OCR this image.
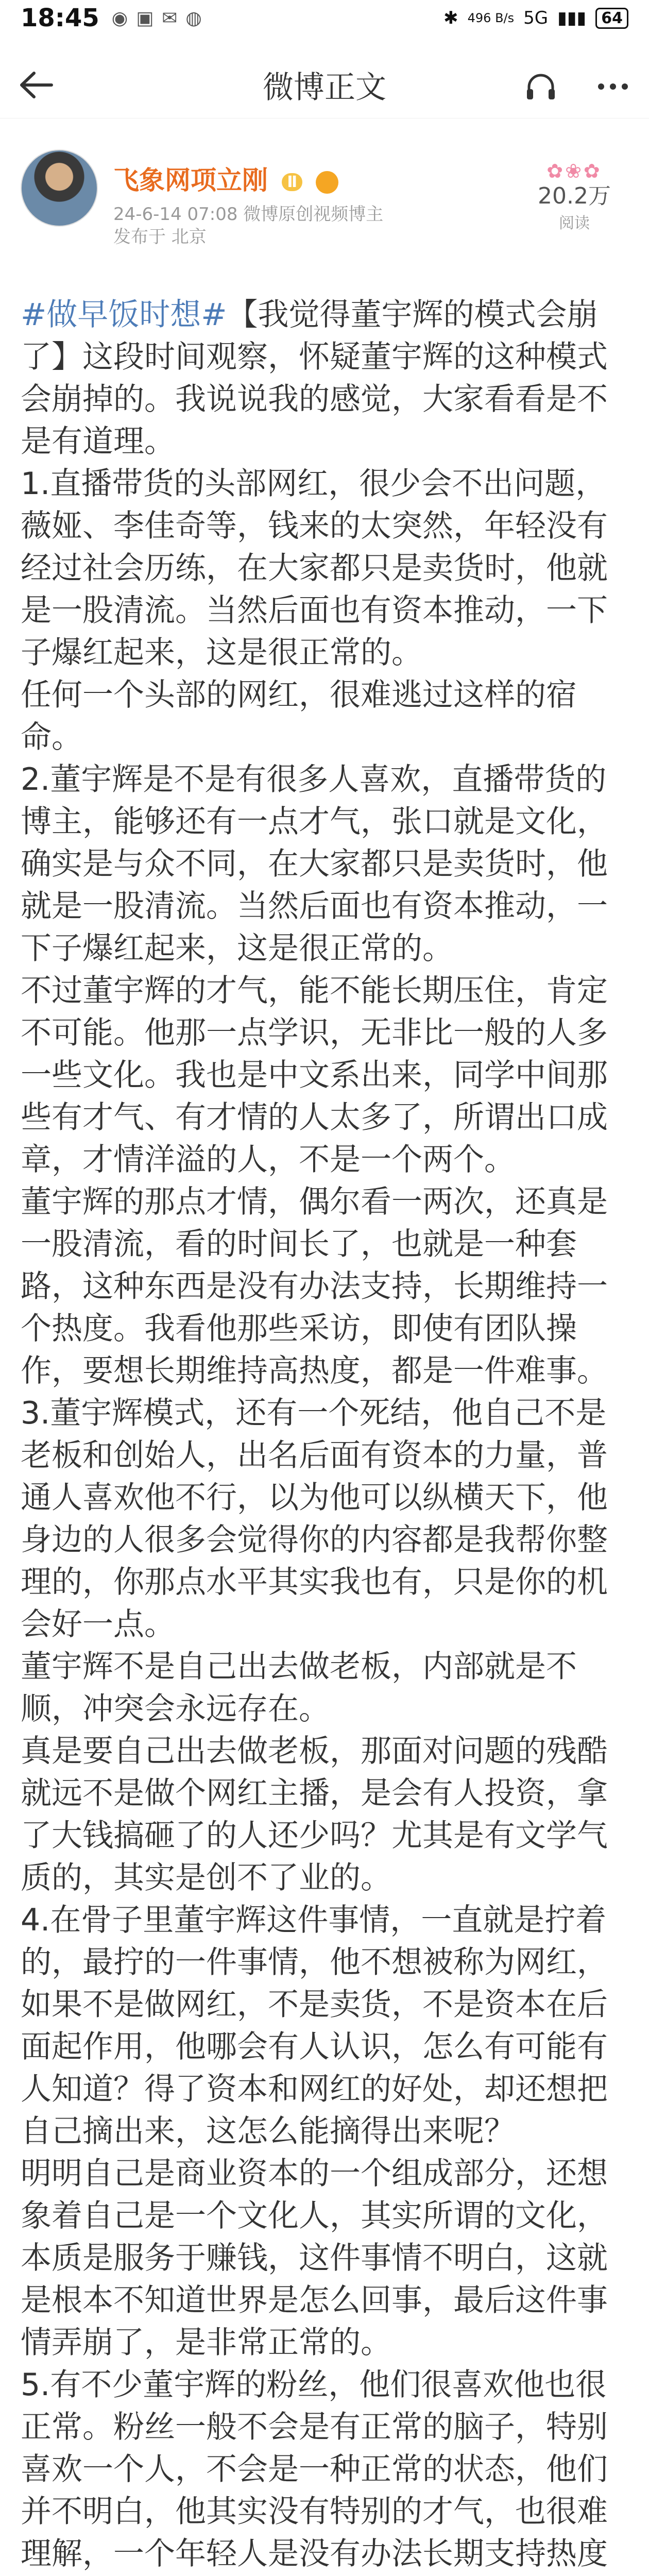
18:45 ◉ ▣ ✉ ◍	✱ 496 B/s 5G ▮▮▮ 64
微博正文
飞象网项立刚 Ⅱ
24-6-14 07:08 微博原创视频博主
发布于 北京
✿❀✿
20.2万
阅读

#做早饭时想#【我觉得董宇辉的模式会崩了】这段时间观察，怀疑董宇辉的这种模式会崩掉的。我说说我的感觉，大家看看是不是有道理。

1.直播带货的头部网红，很少会不出问题，薇娅、李佳奇等，钱来的太突然，年轻没有经过社会历练，在大家都只是卖货时，他就是一股清流。当然后面也有资本推动，一下子爆红起来，这是很正常的。

任何一个头部的网红，很难逃过这样的宿命。

2.董宇辉是不是有很多人喜欢，直播带货的博主，能够还有一点才气，张口就是文化，确实是与众不同，在大家都只是卖货时，他就是一股清流。当然后面也有资本推动，一下子爆红起来，这是很正常的。

不过董宇辉的才气，能不能长期压住，肯定不可能。他那一点学识，无非比一般的人多一些文化。我也是中文系出来，同学中间那些有才气、有才情的人太多了，所谓出口成章，才情洋溢的人，不是一个两个。

董宇辉的那点才情，偶尔看一两次，还真是一股清流，看的时间长了，也就是一种套路，这种东西是没有办法支持，长期维持一个热度。我看他那些采访，即使有团队操作，要想长期维持高热度，都是一件难事。

3.董宇辉模式，还有一个死结，他自己不是老板和创始人，出名后面有资本的力量，普通人喜欢他不行，以为他可以纵横天下，他身边的人很多会觉得你的内容都是我帮你整理的，你那点水平其实我也有，只是你的机会好一点。

董宇辉不是自己出去做老板，内部就是不顺，冲突会永远存在。

真是要自己出去做老板，那面对问题的残酷就远不是做个网红主播，是会有人投资，拿了大钱搞砸了的人还少吗？尤其是有文学气质的，其实是创不了业的。

4.在骨子里董宇辉这件事情，一直就是拧着的，最拧的一件事情，他不想被称为网红，如果不是做网红，不是卖货，不是资本在后面起作用，他哪会有人认识，怎么有可能有人知道？得了资本和网红的好处，却还想把自己摘出来，这怎么能摘得出来呢？

明明自己是商业资本的一个组成部分，还想象着自己是一个文化人，其实所谓的文化，本质是服务于赚钱，这件事情不明白，这就是根本不知道世界是怎么回事，最后这件事情弄崩了，是非常正常的。

5.有不少董宇辉的粉丝，他们很喜欢他也很正常。粉丝一般不会是有正常的脑子，特别喜欢一个人，不会是一种正常的状态，他们并不明白，他其实没有特别的才气，也很难理解，一个年轻人是没有办法长期支持热度
